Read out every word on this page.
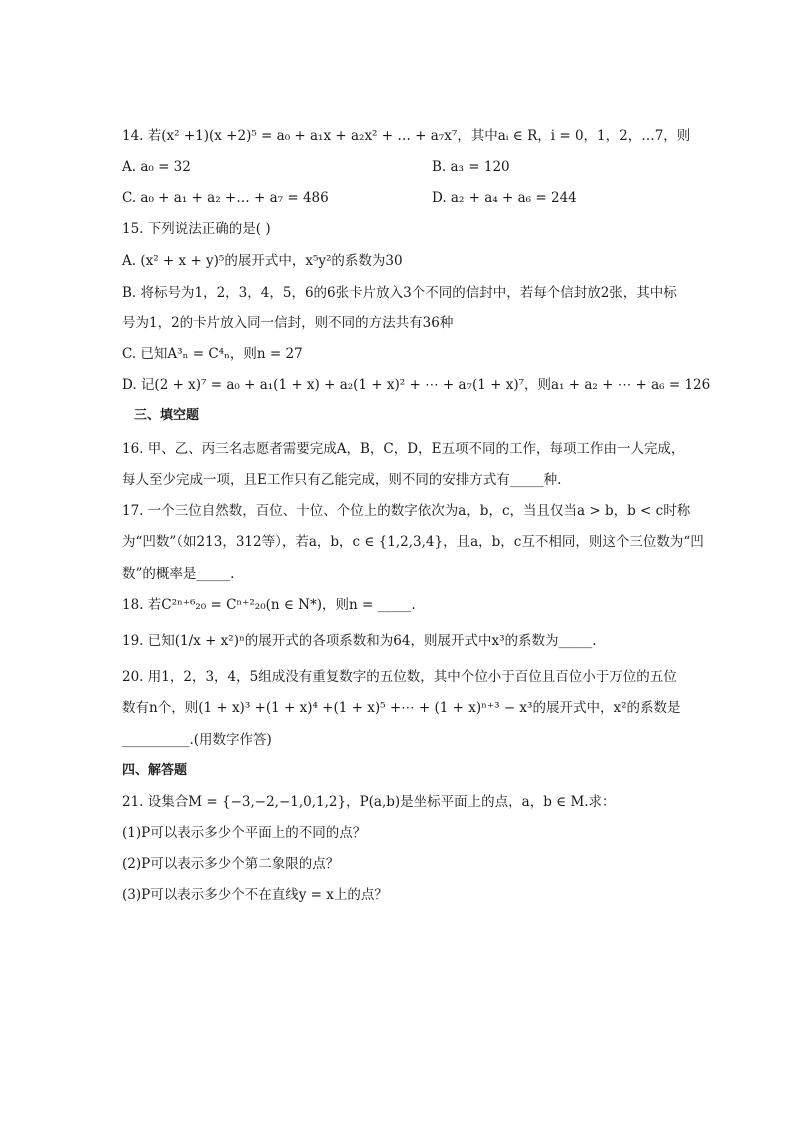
14. 若(x² +1)(x +2)⁵ = a₀ + a₁x + a₂x² + … + a₇x⁷，其中aᵢ ∈ R，i = 0，1，2，…7，则
A. a₀ = 32	B. a₃ = 120
C. a₀ + a₁ + a₂ +… + a₇ = 486	D. a₂ + a₄ + a₆ = 244
15. 下列说法正确的是( )
A. (x² + x + y)⁵的展开式中，x⁵y²的系数为30
B. 将标号为1，2，3，4，5，6的6张卡片放入3个不同的信封中，若每个信封放2张，其中标
号为1，2的卡片放入同一信封，则不同的方法共有36种
C. 已知A³ₙ = C⁴ₙ，则n = 27
D. 记(2 + x)⁷ = a₀ + a₁(1 + x) + a₂(1 + x)² + ⋯ + a₇(1 + x)⁷，则a₁ + a₂ + ⋯ + a₆ = 126
三、填空题
16. 甲、乙、丙三名志愿者需要完成A，B，C，D，E五项不同的工作，每项工作由一人完成，
每人至少完成一项，且E工作只有乙能完成，则不同的安排方式有_____种.
17. 一个三位自然数，百位、十位、个位上的数字依次为a，b，c，当且仅当a > b，b < c时称
为“凹数”（如213，312等），若a，b，c ∈ {1,2,3,4}，且a，b，c互不相同，则这个三位数为“凹
数”的概率是_____.
18. 若C²ⁿ⁺⁶₂₀ = Cⁿ⁺²₂₀(n ∈ N*)，则n = _____.
19. 已知(1/x + x²)ⁿ的展开式的各项系数和为64，则展开式中x³的系数为_____.
20. 用1，2，3，4，5组成没有重复数字的五位数，其中个位小于百位且百位小于万位的五位
数有n个，则(1 + x)³ +(1 + x)⁴ +(1 + x)⁵ +⋯ + (1 + x)ⁿ⁺³ − x³的展开式中，x²的系数是
__________.(用数字作答)
四、解答题
21. 设集合M = {−3,−2,−1,0,1,2}，P(a,b)是坐标平面上的点，a，b ∈ M.求：
(1)P可以表示多少个平面上的不同的点？
(2)P可以表示多少个第二象限的点？
(3)P可以表示多少个不在直线y = x上的点？
